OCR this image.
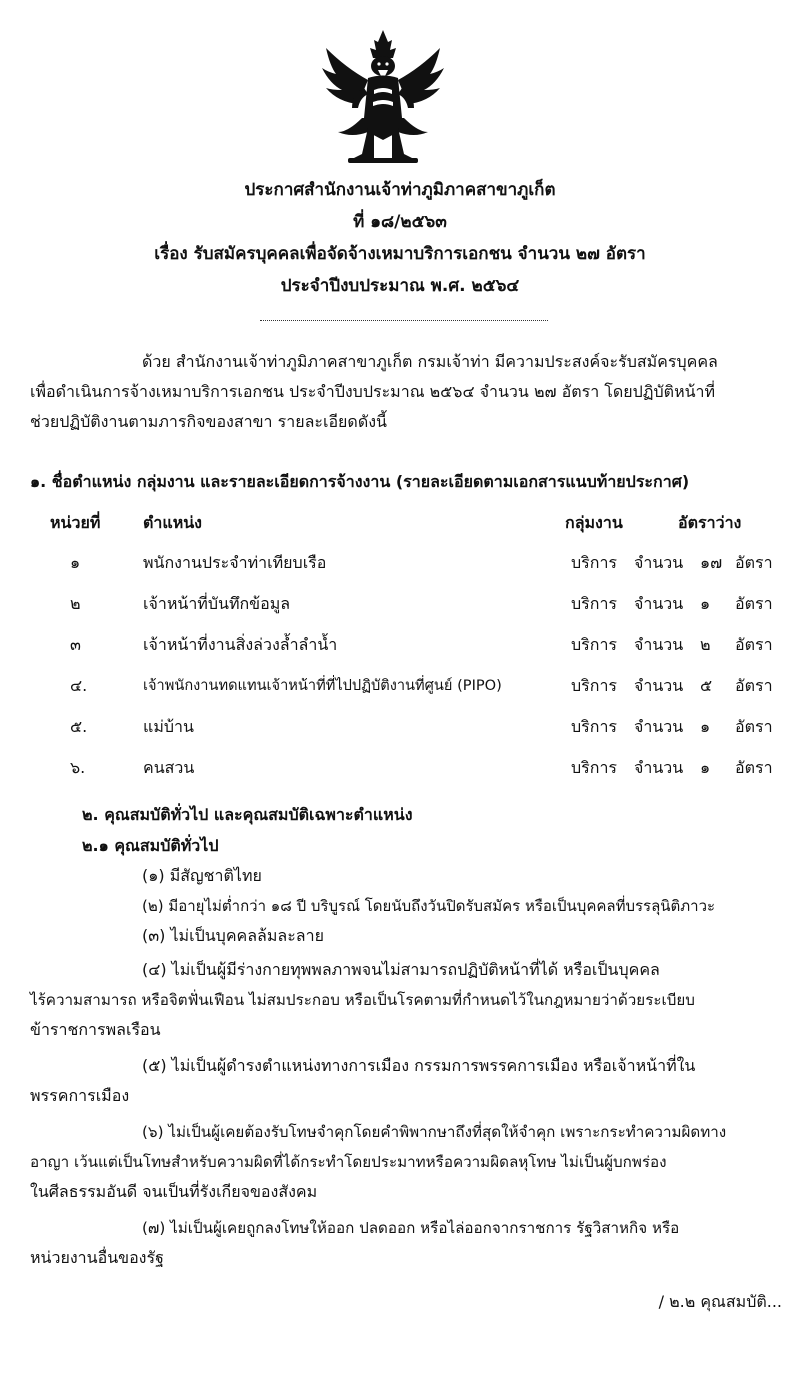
ประกาศสำนักงานเจ้าท่าภูมิภาคสาขาภูเก็ต
ที่ ๑๘/๒๕๖๓
เรื่อง รับสมัครบุคคลเพื่อจัดจ้างเหมาบริการเอกชน จำนวน ๒๗ อัตรา
ประจำปีงบประมาณ พ.ศ. ๒๕๖๔
ด้วย สำนักงานเจ้าท่าภูมิภาคสาขาภูเก็ต กรมเจ้าท่า มีความประสงค์จะรับสมัครบุคคล
เพื่อดำเนินการจ้างเหมาบริการเอกชน ประจำปีงบประมาณ ๒๕๖๔ จำนวน ๒๗ อัตรา โดยปฏิบัติหน้าที่
ช่วยปฏิบัติงานตามภารกิจของสาขา รายละเอียดดังนี้
๑. ชื่อตำแหน่ง กลุ่มงาน และรายละเอียดการจ้างงาน (รายละเอียดตามเอกสารแนบท้ายประกาศ)
หน่วยที่	ตำแหน่ง	กลุ่มงาน	อัตราว่าง
๑	พนักงานประจำท่าเทียบเรือ	บริการ จำนวน ๑๗ อัตรา
๒	เจ้าหน้าที่บันทึกข้อมูล	บริการ จำนวน ๑ อัตรา
๓	เจ้าหน้าที่งานสิ่งล่วงล้ำลำน้ำ	บริการ จำนวน ๒ อัตรา
๔.	เจ้าพนักงานทดแทนเจ้าหน้าที่ที่ไปปฏิบัติงานที่ศูนย์ (PIPO)	บริการ จำนวน ๕ อัตรา
๕.	แม่บ้าน	บริการ จำนวน ๑ อัตรา
๖.	คนสวน	บริการ จำนวน ๑ อัตรา
๒. คุณสมบัติทั่วไป และคุณสมบัติเฉพาะตำแหน่ง
๒.๑ คุณสมบัติทั่วไป
(๑) มีสัญชาติไทย
(๒) มีอายุไม่ต่ำกว่า ๑๘ ปี บริบูรณ์ โดยนับถึงวันปิดรับสมัคร หรือเป็นบุคคลที่บรรลุนิติภาวะ
(๓) ไม่เป็นบุคคลล้มละลาย
(๔) ไม่เป็นผู้มีร่างกายทุพพลภาพจนไม่สามารถปฏิบัติหน้าที่ได้ หรือเป็นบุคคล
ไร้ความสามารถ หรือจิตฟั่นเฟือน ไม่สมประกอบ หรือเป็นโรคตามที่กำหนดไว้ในกฎหมายว่าด้วยระเบียบ
ข้าราชการพลเรือน
(๕) ไม่เป็นผู้ดำรงตำแหน่งทางการเมือง กรรมการพรรคการเมือง หรือเจ้าหน้าที่ใน
พรรคการเมือง
(๖) ไม่เป็นผู้เคยต้องรับโทษจำคุกโดยคำพิพากษาถึงที่สุดให้จำคุก เพราะกระทำความผิดทาง
อาญา เว้นแต่เป็นโทษสำหรับความผิดที่ได้กระทำโดยประมาทหรือความผิดลหุโทษ ไม่เป็นผู้บกพร่อง
ในศีลธรรมอันดี จนเป็นที่รังเกียจของสังคม
(๗) ไม่เป็นผู้เคยถูกลงโทษให้ออก ปลดออก หรือไล่ออกจากราชการ รัฐวิสาหกิจ หรือ
หน่วยงานอื่นของรัฐ
/ ๒.๒ คุณสมบัติ...
